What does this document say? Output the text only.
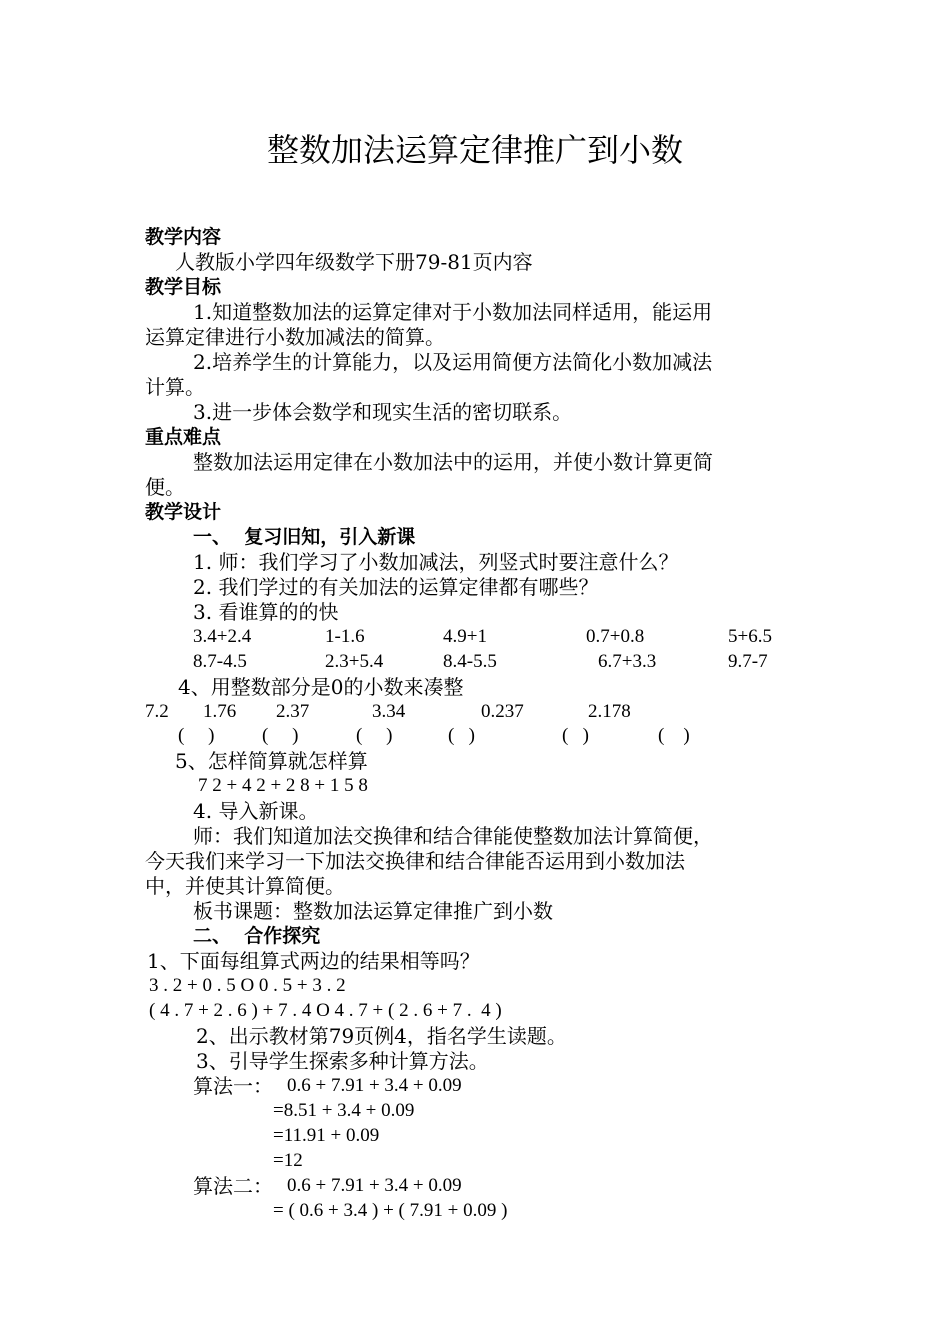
整数加法运算定律推广到小数
教学内容
人教版小学四年级数学下册79-81页内容
教学目标
1.知道整数加法的运算定律对于小数加法同样适用，能运用
运算定律进行小数加减法的简算。
2.培养学生的计算能力，以及运用简便方法简化小数加减法
计算。
3.进一步体会数学和现实生活的密切联系。
重点难点
整数加法运用定律在小数加法中的运用，并使小数计算更简
便。
教学设计
一、  复习旧知，引入新课
1. 师：我们学习了小数加减法，列竖式时要注意什么？
2. 我们学过的有关加法的运算定律都有哪些？
3. 看谁算的的快
3.4+2.4	1-1.6	4.9+1	0.7+0.8	5+6.5
8.7-4.5	2.3+5.4	8.4-5.5	6.7+3.3	9.7-7
4、用整数部分是0的小数来凑整
7.2 1.76 2.37	3.34	0.237	2.178
(     )	(     )	(     )	(   )	(   )	(    )
5、怎样简算就怎样算
7 2 + 4 2 + 2 8 + 1 5 8
4. 导入新课。
师：我们知道加法交换律和结合律能使整数加法计算简便，
今天我们来学习一下加法交换律和结合律能否运用到小数加法
中，并使其计算简便。
板书课题：整数加法运算定律推广到小数
二、  合作探究
1、下面每组算式两边的结果相等吗？
3 . 2 + 0 . 5 O 0 . 5 + 3 . 2
( 4 . 7 + 2 . 6 ) + 7 . 4 O 4 . 7 + ( 2 . 6 + 7 .  4 )
2、出示教材第79页例4，指名学生读题。
3、引导学生探索多种计算方法。
算法一： 0.6 + 7.91 + 3.4 + 0.09
=8.51 + 3.4 + 0.09
=11.91 + 0.09
=12
算法二： 0.6 + 7.91 + 3.4 + 0.09
= ( 0.6 + 3.4 ) + ( 7.91 + 0.09 )
